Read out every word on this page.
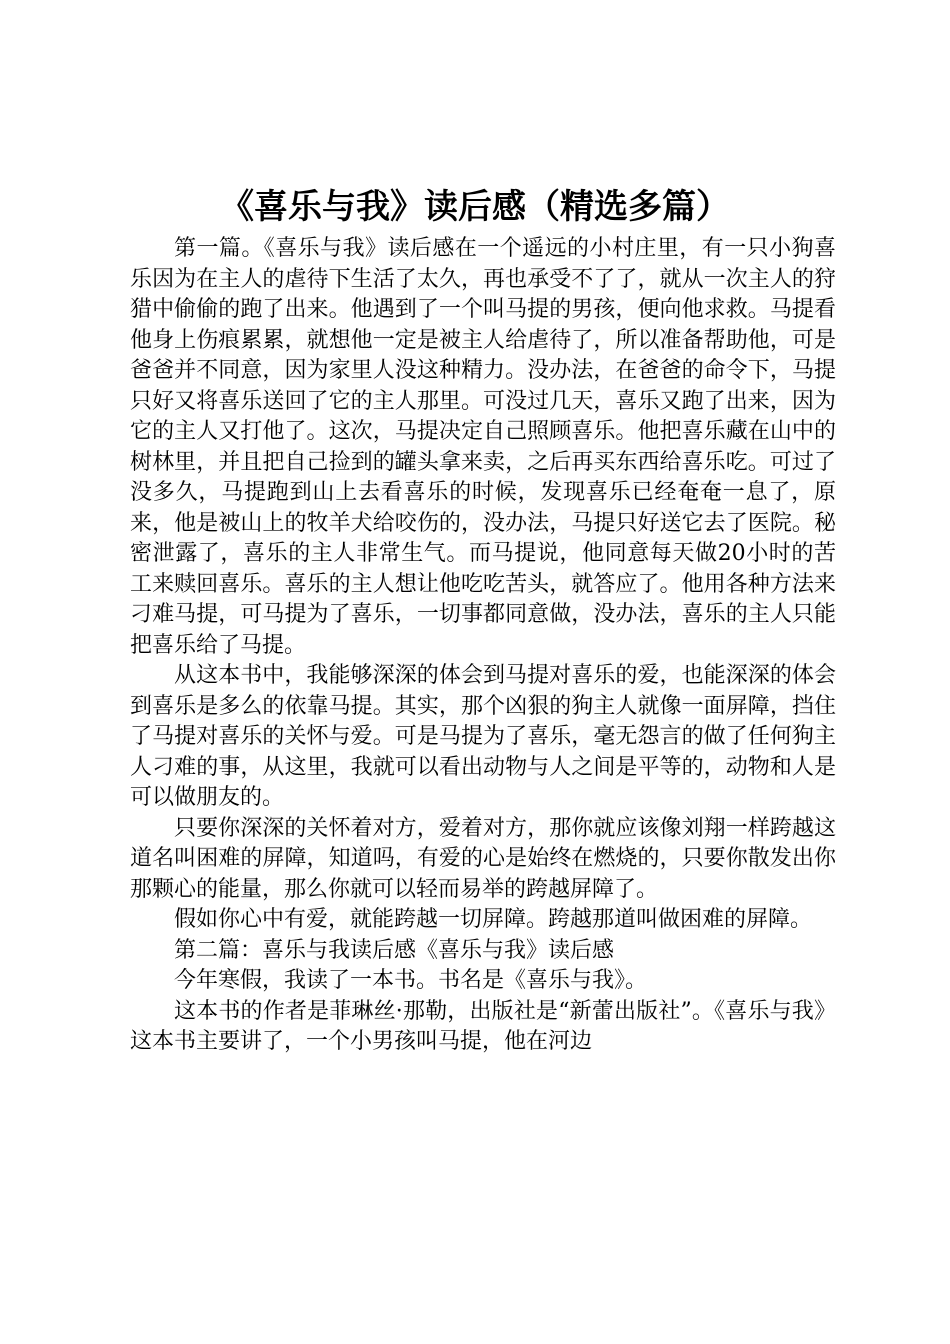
《喜乐与我》读后感（精选多篇）

第一篇。《喜乐与我》读后感在一个遥远的小村庄里，有一只小狗喜乐因为在主人的虐待下生活了太久，再也承受不了了，就从一次主人的狩猎中偷偷的跑了出来。他遇到了一个叫马提的男孩，便向他求救。马提看他身上伤痕累累，就想他一定是被主人给虐待了，所以准备帮助他，可是爸爸并不同意，因为家里人没这种精力。没办法，在爸爸的命令下，马提只好又将喜乐送回了它的主人那里。可没过几天，喜乐又跑了出来，因为它的主人又打他了。这次，马提决定自己照顾喜乐。他把喜乐藏在山中的树林里，并且把自己捡到的罐头拿来卖，之后再买东西给喜乐吃。可过了没多久，马提跑到山上去看喜乐的时候，发现喜乐已经奄奄一息了，原来，他是被山上的牧羊犬给咬伤的，没办法，马提只好送它去了医院。秘密泄露了，喜乐的主人非常生气。而马提说，他同意每天做20小时的苦工来赎回喜乐。喜乐的主人想让他吃吃苦头，就答应了。他用各种方法来刁难马提，可马提为了喜乐，一切事都同意做，没办法，喜乐的主人只能把喜乐给了马提。

从这本书中，我能够深深的体会到马提对喜乐的爱，也能深深的体会到喜乐是多么的依靠马提。其实，那个凶狠的狗主人就像一面屏障，挡住了马提对喜乐的关怀与爱。可是马提为了喜乐，毫无怨言的做了任何狗主人刁难的事，从这里，我就可以看出动物与人之间是平等的，动物和人是可以做朋友的。

只要你深深的关怀着对方，爱着对方，那你就应该像刘翔一样跨越这道名叫困难的屏障，知道吗，有爱的心是始终在燃烧的，只要你散发出你那颗心的能量，那么你就可以轻而易举的跨越屏障了。

假如你心中有爱，就能跨越一切屏障。跨越那道叫做困难的屏障。

第二篇：喜乐与我读后感《喜乐与我》读后感

今年寒假，我读了一本书。书名是《喜乐与我》。

这本书的作者是菲琳丝·那勒，出版社是“新蕾出版社”。《喜乐与我》这本书主要讲了，一个小男孩叫马提，他在河边
